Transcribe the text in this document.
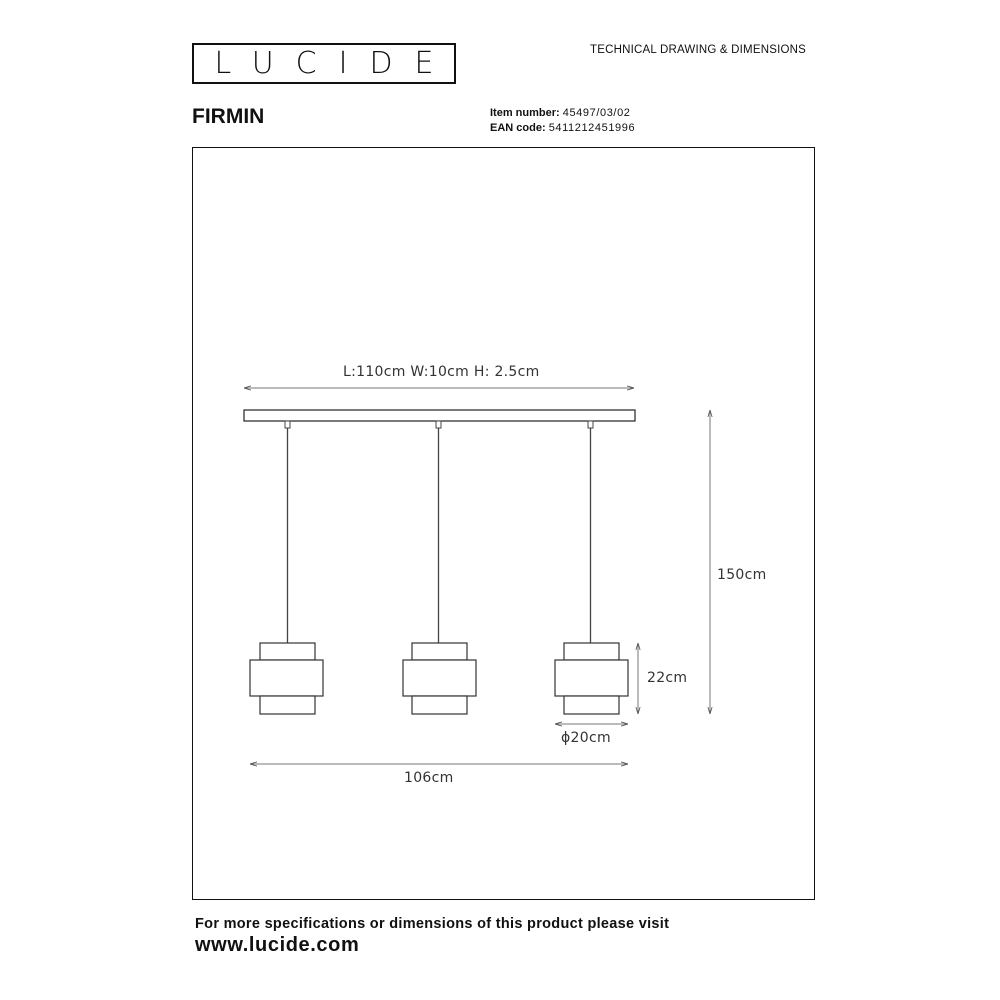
LUCIDE	TECHNICAL DRAWING & DIMENSIONS
FIRMIN	Item number: 45497/03/02
EAN code: 5411212451996
L:110cm W:10cm H: 2.5cm
150cm
22cm
ϕ20cm
106cm
For more specifications or dimensions of this product please visit
www.lucide.com
